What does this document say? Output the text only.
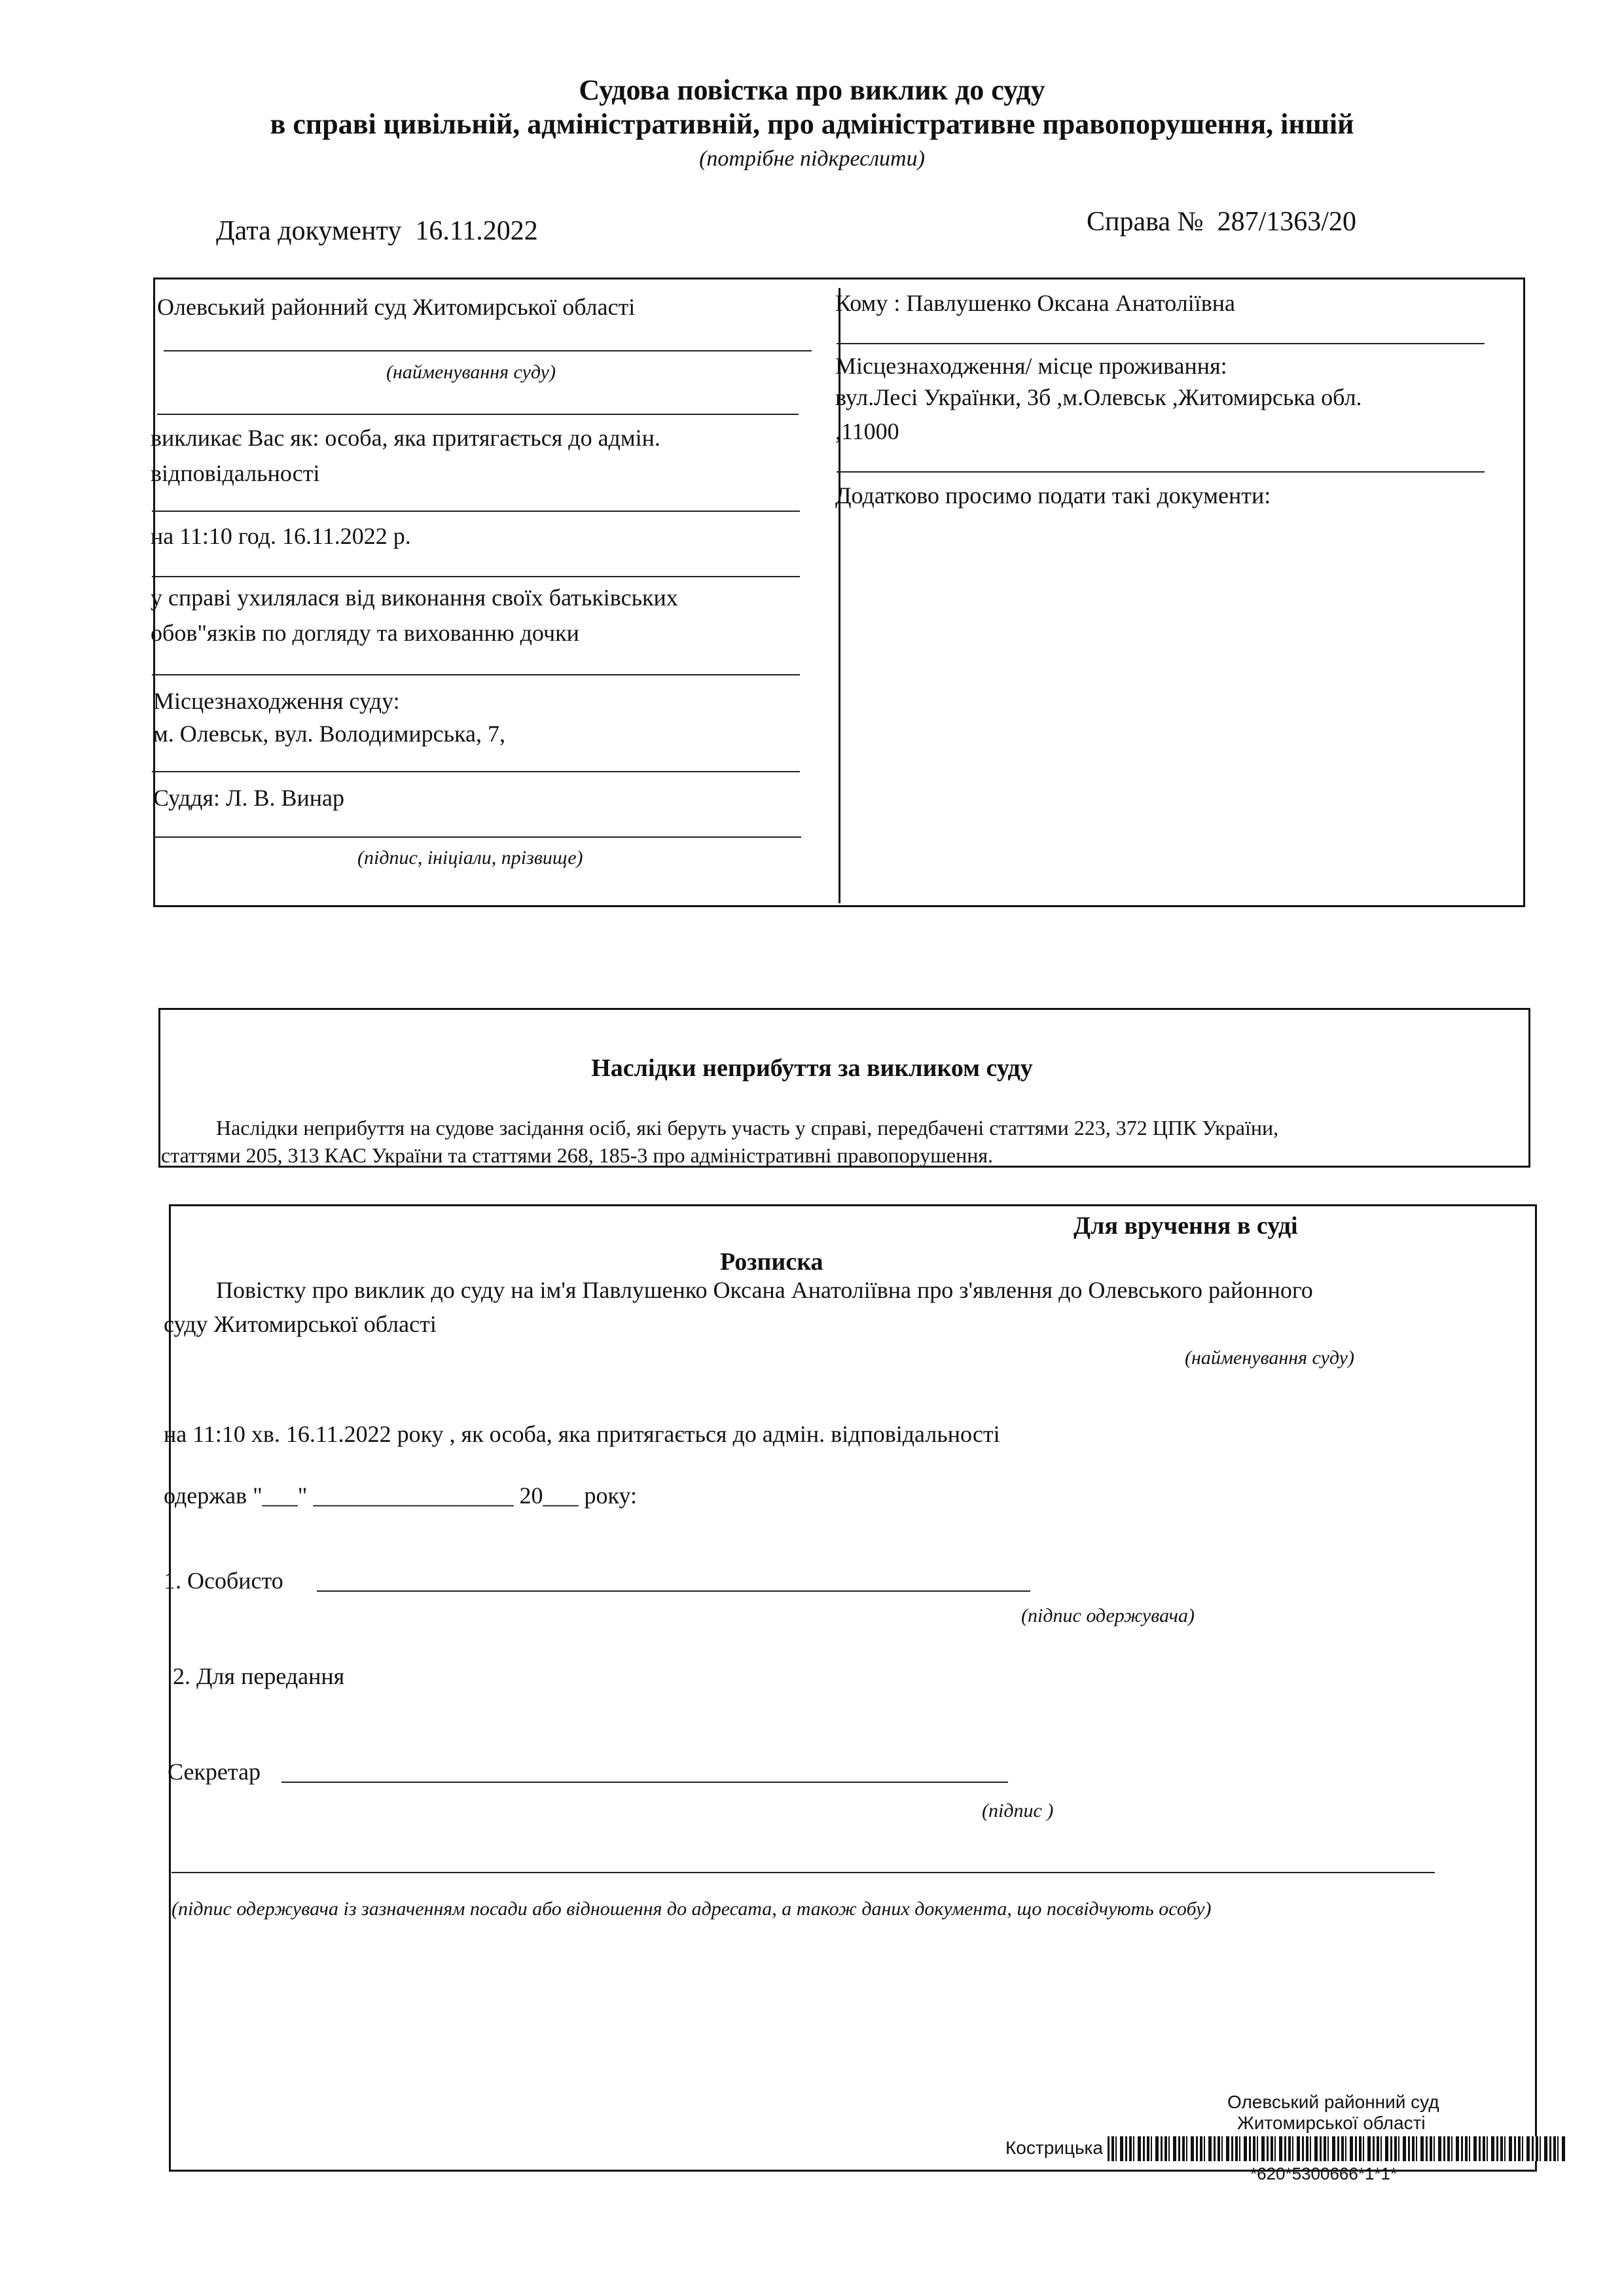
Судова повістка про виклик до суду
в справі цивільній, адміністративній, про адміністративне правопорушення, іншій
(потрібне підкреслити)
Дата документу 16.11.2022	Справа № 287/1363/20
Олевський районний суд Житомирської області
(найменування суду)
викликає Вас як: особа, яка притягається до адмін.
відповідальності
на 11:10 год. 16.11.2022 р.
у справі ухилялася від виконання своїх батьківських
обов"язків по догляду та вихованню дочки
Місцезнаходження суду:
м. Олевськ, вул. Володимирська, 7,
Суддя: Л. В. Винар
(підпис, ініціали, прізвище)
Кому : Павлушенко Оксана Анатоліївна
Місцезнаходження/ місце проживання:
вул.Лесі Українки, 3б ,м.Олевськ ,Житомирська обл.
,11000
Додатково просимо подати такі документи:
Наслідки неприбуття за викликом суду
Наслідки неприбуття на судове засідання осіб, які беруть участь у справі, передбачені статтями 223, 372 ЦПК України,
статтями 205, 313 КАС України та статтями 268, 185-3 про адміністративні правопорушення.
Для вручення в суді
Розписка
Повістку про виклик до суду на ім'я Павлушенко Оксана Анатоліївна про з'явлення до Олевського районного
суду Житомирської області
(найменування суду)
на 11:10 хв. 16.11.2022 року , як особа, яка притягається до адмін. відповідальності
одержав "___" _________________ 20___ року:
1. Особисто
(підпис одержувача)
2. Для передання
Секретар
(підпис )
(підпис одержувача із зазначенням посади або відношення до адресата, а також даних документа, що посвідчують особу)
Олевський районний суд
Житомирської області
Кострицька
*620*5300666*1*1*
